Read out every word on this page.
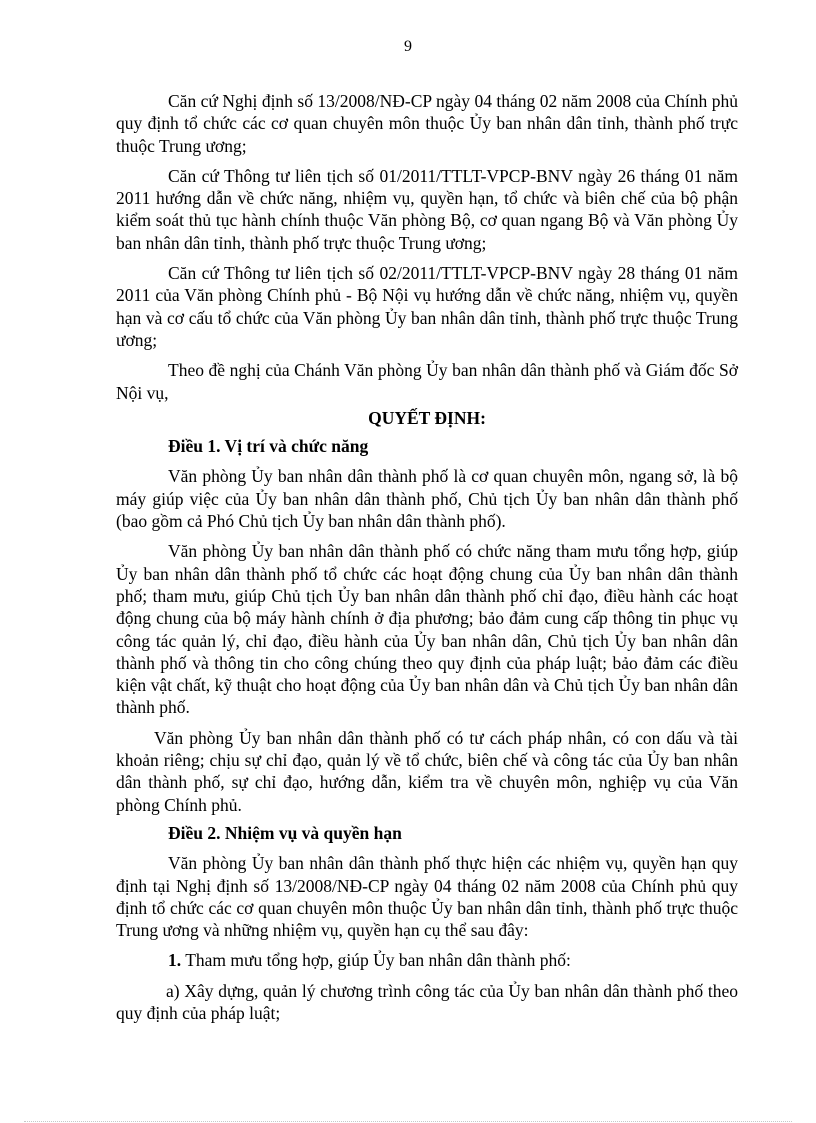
9

Căn cứ Nghị định số 13/2008/NĐ-CP ngày 04 tháng 02 năm 2008 của Chính phủ quy định tổ chức các cơ quan chuyên môn thuộc Ủy ban nhân dân tỉnh, thành phố trực thuộc Trung ương;

Căn cứ Thông tư liên tịch số 01/2011/TTLT-VPCP-BNV ngày 26 tháng 01 năm 2011 hướng dẫn về chức năng, nhiệm vụ, quyền hạn, tổ chức và biên chế của bộ phận kiểm soát thủ tục hành chính thuộc Văn phòng Bộ, cơ quan ngang Bộ và Văn phòng Ủy ban nhân dân tỉnh, thành phố trực thuộc Trung ương;

Căn cứ Thông tư liên tịch số 02/2011/TTLT-VPCP-BNV ngày 28 tháng 01 năm 2011 của Văn phòng Chính phủ - Bộ Nội vụ hướng dẫn về chức năng, nhiệm vụ, quyền hạn và cơ cấu tổ chức của Văn phòng Ủy ban nhân dân tỉnh, thành phố trực thuộc Trung ương;

Theo đề nghị của Chánh Văn phòng Ủy ban nhân dân thành phố và Giám đốc Sở Nội vụ,

QUYẾT ĐỊNH:

Điều 1. Vị trí và chức năng

Văn phòng Ủy ban nhân dân thành phố là cơ quan chuyên môn, ngang sở, là bộ máy giúp việc của Ủy ban nhân dân thành phố, Chủ tịch Ủy ban nhân dân thành phố (bao gồm cả Phó Chủ tịch Ủy ban nhân dân thành phố).

Văn phòng Ủy ban nhân dân thành phố có chức năng tham mưu tổng hợp, giúp Ủy ban nhân dân thành phố tổ chức các hoạt động chung của Ủy ban nhân dân thành phố; tham mưu, giúp Chủ tịch Ủy ban nhân dân thành phố chỉ đạo, điều hành các hoạt động chung của bộ máy hành chính ở địa phương; bảo đảm cung cấp thông tin phục vụ công tác quản lý, chỉ đạo, điều hành của Ủy ban nhân dân, Chủ tịch Ủy ban nhân dân thành phố và thông tin cho công chúng theo quy định của pháp luật; bảo đảm các điều kiện vật chất, kỹ thuật cho hoạt động của Ủy ban nhân dân và Chủ tịch Ủy ban nhân dân thành phố.

Văn phòng Ủy ban nhân dân thành phố có tư cách pháp nhân, có con dấu và tài khoản riêng; chịu sự chỉ đạo, quản lý về tổ chức, biên chế và công tác của Ủy ban nhân dân thành phố, sự chỉ đạo, hướng dẫn, kiểm tra về chuyên môn, nghiệp vụ của Văn phòng Chính phủ.

Điều 2. Nhiệm vụ và quyền hạn

Văn phòng Ủy ban nhân dân thành phố thực hiện các nhiệm vụ, quyền hạn quy định tại Nghị định số 13/2008/NĐ-CP ngày 04 tháng 02 năm 2008 của Chính phủ quy định tổ chức các cơ quan chuyên môn thuộc Ủy ban nhân dân tỉnh, thành phố trực thuộc Trung ương và những nhiệm vụ, quyền hạn cụ thể sau đây:

1. Tham mưu tổng hợp, giúp Ủy ban nhân dân thành phố:

a) Xây dựng, quản lý chương trình công tác của Ủy ban nhân dân thành phố theo quy định của pháp luật;
